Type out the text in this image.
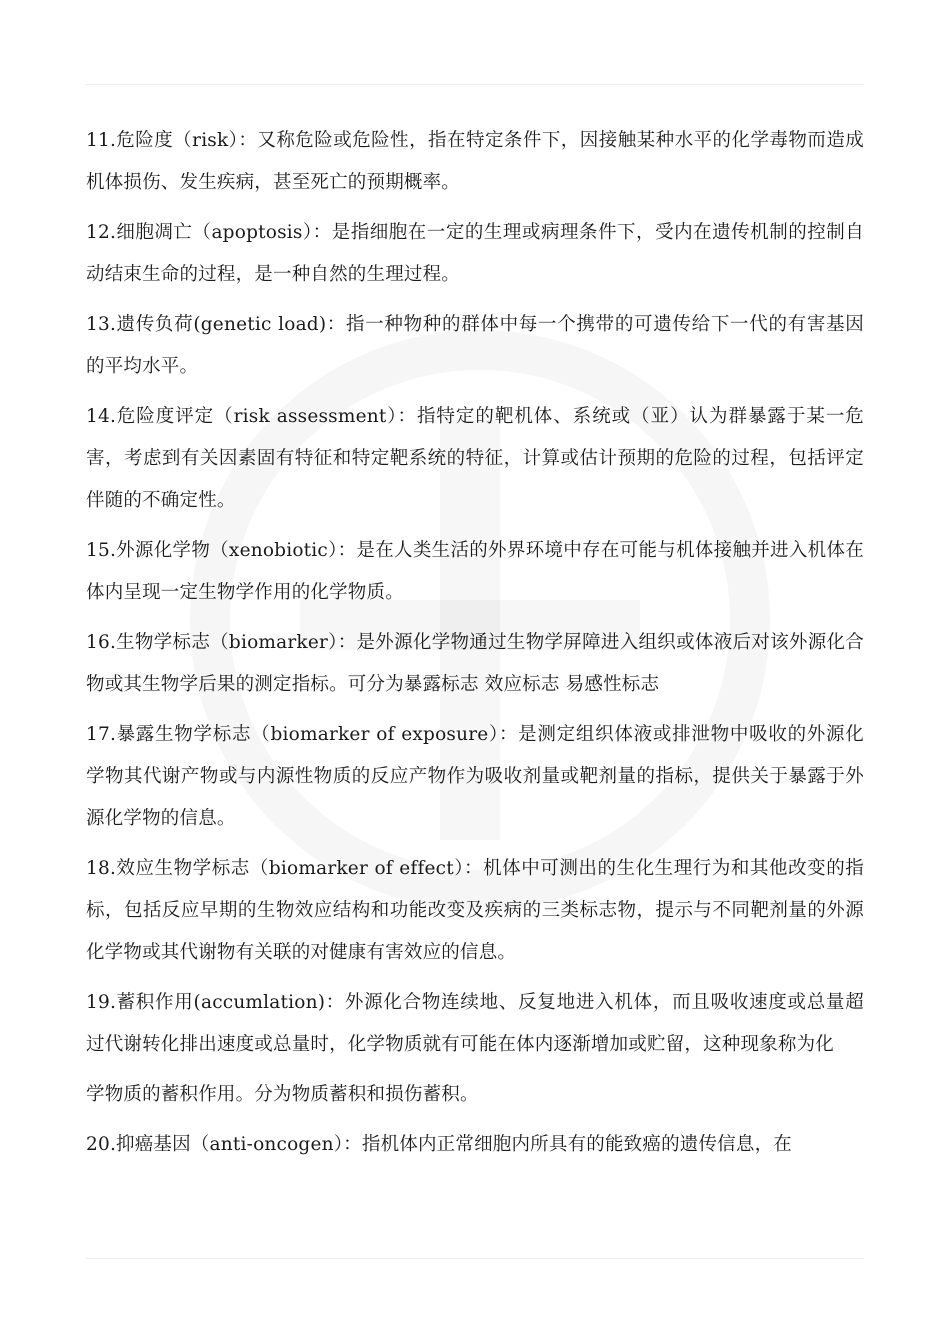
11.危险度（risk）：又称危险或危险性，指在特定条件下，因接触某种水平的化学毒物而造成机体损伤、发生疾病，甚至死亡的预期概率。

12.细胞凋亡（apoptosis）：是指细胞在一定的生理或病理条件下，受内在遗传机制的控制自动结束生命的过程，是一种自然的生理过程。

13.遗传负荷(genetic load)：指一种物种的群体中每一个携带的可遗传给下一代的有害基因的平均水平。

14.危险度评定（risk assessment）：指特定的靶机体、系统或（亚）认为群暴露于某一危害，考虑到有关因素固有特征和特定靶系统的特征，计算或估计预期的危险的过程，包括评定伴随的不确定性。

15.外源化学物（xenobiotic）：是在人类生活的外界环境中存在可能与机体接触并进入机体在体内呈现一定生物学作用的化学物质。

16.生物学标志（biomarker）：是外源化学物通过生物学屏障进入组织或体液后对该外源化合物或其生物学后果的测定指标。可分为暴露标志 效应标志 易感性标志

17.暴露生物学标志（biomarker of exposure）：是测定组织体液或排泄物中吸收的外源化学物其代谢产物或与内源性物质的反应产物作为吸收剂量或靶剂量的指标，提供关于暴露于外源化学物的信息。

18.效应生物学标志（biomarker of effect）：机体中可测出的生化生理行为和其他改变的指标，包括反应早期的生物效应结构和功能改变及疾病的三类标志物，提示与不同靶剂量的外源化学物或其代谢物有关联的对健康有害效应的信息。

19.蓄积作用(accumlation)：外源化合物连续地、反复地进入机体，而且吸收速度或总量超过代谢转化排出速度或总量时，化学物质就有可能在体内逐渐增加或贮留，这种现象称为化

学物质的蓄积作用。分为物质蓄积和损伤蓄积。

20.抑癌基因（anti-oncogen）：指机体内正常细胞内所具有的能致癌的遗传信息，在
